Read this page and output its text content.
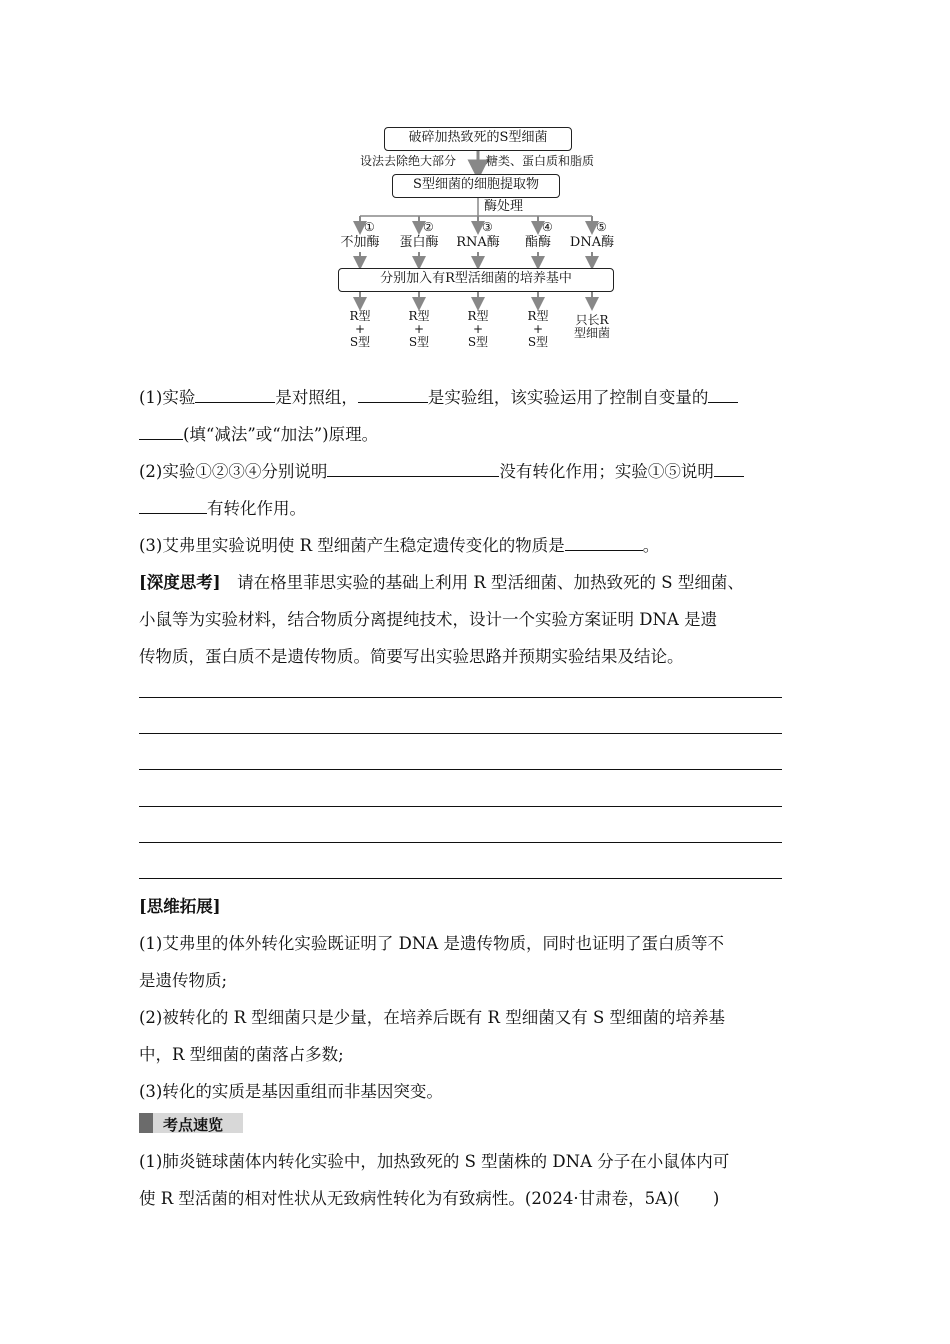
破碎加热致死的S型细菌
设法去除绝大部分 糖类、蛋白质和脂质
S型细菌的细胞提取物
酶处理
①	②	③	④	⑤
不加酶	蛋白酶	RNA酶	酯酶	DNA酶
分别加入有R型活细菌的培养基中
R型
+
S型
R型
+
S型
R型
+
S型
R型
+
S型
只长R
型细菌
(1)实验	是对照组，	是实验组，该实验运用了控制自变量的
(填“减法”或“加法”)原理。
(2)实验①②③④分别说明	没有转化作用；实验①⑤说明
有转化作用。
(3)艾弗里实验说明使 R 型细菌产生稳定遗传变化的物质是	。
[深度思考]　 请在格里菲思实验的基础上利用 R 型活细菌、加热致死的 S 型细菌、
小鼠等为实验材料，结合物质分离提纯技术，设计一个实验方案证明 DNA 是遗
传物质，蛋白质不是遗传物质。简要写出实验思路并预期实验结果及结论。
[思维拓展]
(1)艾弗里的体外转化实验既证明了 DNA 是遗传物质，同时也证明了蛋白质等不
是遗传物质;
(2)被转化的 R 型细菌只是少量，在培养后既有 R 型细菌又有 S 型细菌的培养基
中，R 型细菌的菌落占多数;
(3)转化的实质是基因重组而非基因突变。
考点速览
(1)肺炎链球菌体内转化实验中，加热致死的 S 型菌株的 DNA 分子在小鼠体内可
使 R 型活菌的相对性状从无致病性转化为有致病性。(2024·甘肃卷，5A)(　　)
